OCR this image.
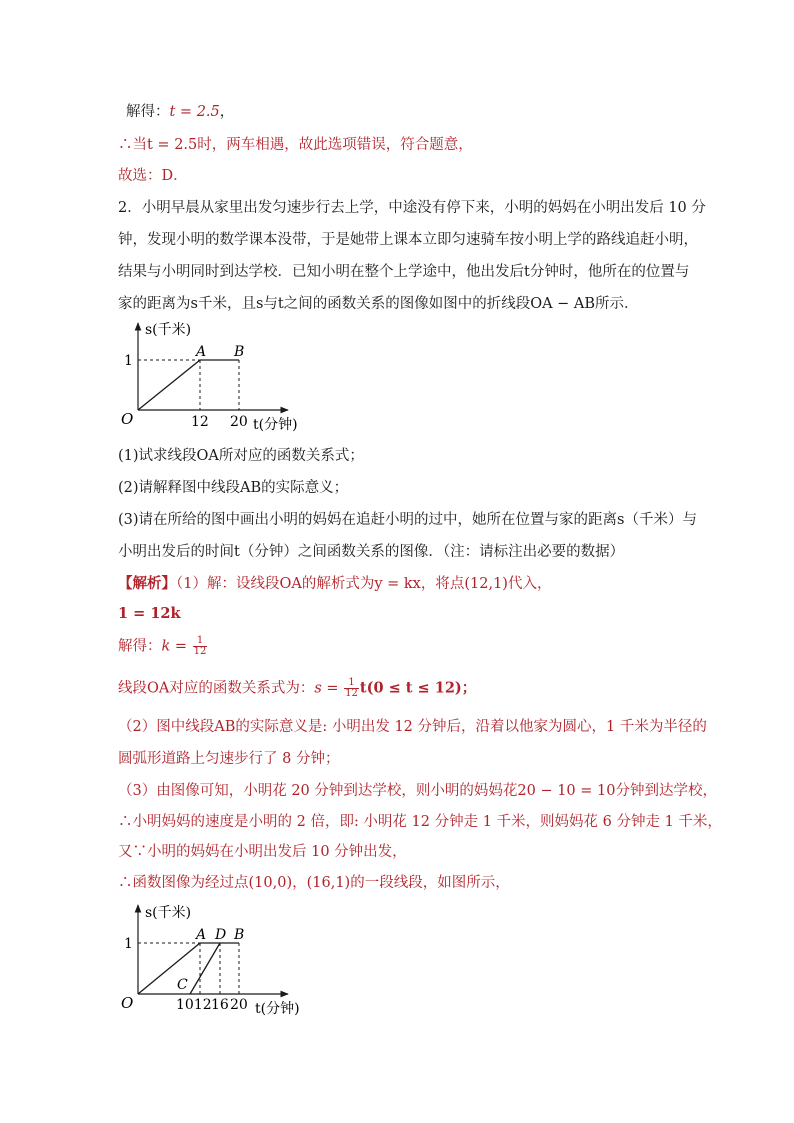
解得：t = 2.5，
∴当t = 2.5时，两车相遇，故此选项错误，符合题意，
故选：D．
2．小明早晨从家里出发匀速步行去上学，中途没有停下来，小明的妈妈在小明出发后 10 分
钟，发现小明的数学课本没带，于是她带上课本立即匀速骑车按小明上学的路线追赶小明，
结果与小明同时到达学校．已知小明在整个上学途中，他出发后t分钟时，他所在的位置与
家的距离为s千米，且s与t之间的函数关系的图像如图中的折线段OA − AB所示．
s(千米)
1
O
A B
12 20 t(分钟)
(1)试求线段OA所对应的函数关系式；
(2)请解释图中线段AB的实际意义；
(3)请在所给的图中画出小明的妈妈在追赶小明的过中，她所在位置与家的距离s（千米）与
小明出发后的时间t（分钟）之间函数关系的图像．（注：请标注出必要的数据）
【解析】（1）解：设线段OA的解析式为y = kx，将点(12,1)代入，
1 = 12k
解得：$k = \frac{1}{12}$
线段OA对应的函数关系式为：$s = \frac{1}{12} t(0 \le t \le 12)$；
（2）图中线段AB的实际意义是: 小明出发 12 分钟后，沿着以他家为圆心，1 千米为半径的
圆弧形道路上匀速步行了 8 分钟；
（3）由图像可知，小明花 20 分钟到达学校，则小明的妈妈花20 − 10 = 10分钟到达学校，
∴小明妈妈的速度是小明的 2 倍，即: 小明花 12 分钟走 1 千米，则妈妈花 6 分钟走 1 千米，
又∵小明的妈妈在小明出发后 10 分钟出发，
∴函数图像为经过点(10,0)，(16,1)的一段线段，如图所示，
s(千米)
1
O
A D B
C
1012 16 20 t(分钟)
